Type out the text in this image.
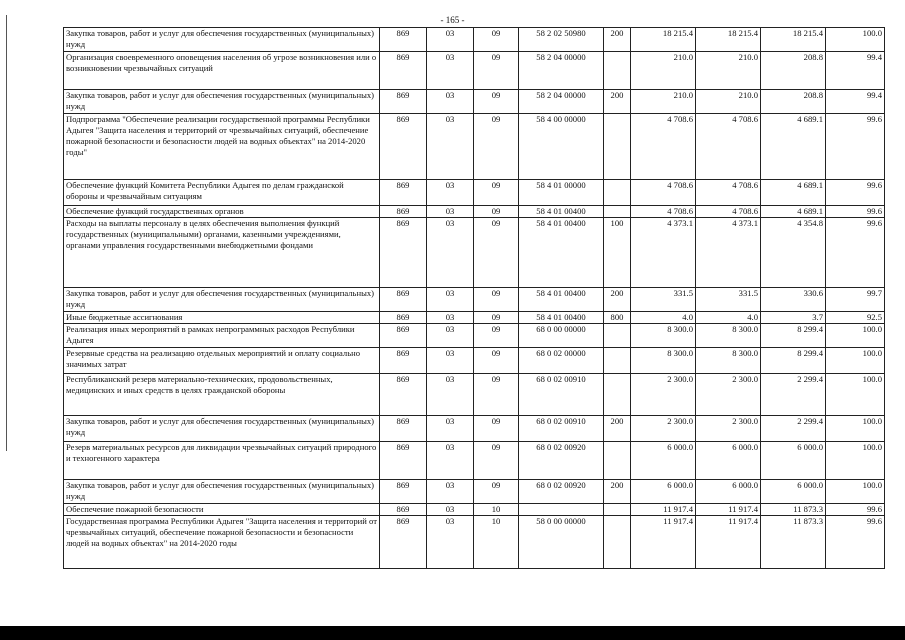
- 165 -
Закупка товаров, работ и услуг для обеспечения государственных (муниципальных) нужд	869	03	09	58 2 02 50980	200	18 215.4	18 215.4	18 215.4	100.0
Организация своевременного оповещения населения об угрозе возникновения или о возникновении чрезвычайных ситуаций	869	03	09	58 2 04 00000		210.0	210.0	208.8	99.4
Закупка товаров, работ и услуг для обеспечения государственных (муниципальных) нужд	869	03	09	58 2 04 00000	200	210.0	210.0	208.8	99.4
Подпрограмма "Обеспечение реализации государственной программы Республики Адыгея "Защита населения и территорий от чрезвычайных ситуаций, обеспечение пожарной безопасности и безопасности людей на водных объектах" на 2014-2020 годы"	869	03	09	58 4 00 00000		4 708.6	4 708.6	4 689.1	99.6
Обеспечение функций Комитета Республики Адыгея по делам гражданской обороны и чрезвычайным ситуациям	869	03	09	58 4 01 00000		4 708.6	4 708.6	4 689.1	99.6
Обеспечение функций государственных органов	869	03	09	58 4 01 00400		4 708.6	4 708.6	4 689.1	99.6
Расходы на выплаты персоналу в целях обеспечения выполнения функций государственных (муниципальными) органами, казенными учреждениями, органами управления государственными внебюджетными фондами	869	03	09	58 4 01 00400	100	4 373.1	4 373.1	4 354.8	99.6
Закупка товаров, работ и услуг для обеспечения государственных (муниципальных) нужд	869	03	09	58 4 01 00400	200	331.5	331.5	330.6	99.7
Иные бюджетные ассигнования	869	03	09	58 4 01 00400	800	4.0	4.0	3.7	92.5
Реализация иных мероприятий в рамках непрограммных расходов Республики Адыгея	869	03	09	68 0 00 00000		8 300.0	8 300.0	8 299.4	100.0
Резервные средства на реализацию отдельных мероприятий и оплату социально значимых затрат	869	03	09	68 0 02 00000		8 300.0	8 300.0	8 299.4	100.0
Республиканский резерв материально-технических, продовольственных, медицинских и иных средств в целях гражданской обороны	869	03	09	68 0 02 00910		2 300.0	2 300.0	2 299.4	100.0
Закупка товаров, работ и услуг для обеспечения государственных (муниципальных) нужд	869	03	09	68 0 02 00910	200	2 300.0	2 300.0	2 299.4	100.0
Резерв материальных ресурсов для ликвидации чрезвычайных ситуаций природного и техногенного характера	869	03	09	68 0 02 00920		6 000.0	6 000.0	6 000.0	100.0
Закупка товаров, работ и услуг для обеспечения государственных (муниципальных) нужд	869	03	09	68 0 02 00920	200	6 000.0	6 000.0	6 000.0	100.0
Обеспечение пожарной безопасности	869	03	10			11 917.4	11 917.4	11 873.3	99.6
Государственная программа Республики Адыгея "Защита населения и территорий от чрезвычайных ситуаций, обеспечение пожарной безопасности и безопасности людей на водных объектах" на 2014-2020 годы	869	03	10	58 0 00 00000		11 917.4	11 917.4	11 873.3	99.6
